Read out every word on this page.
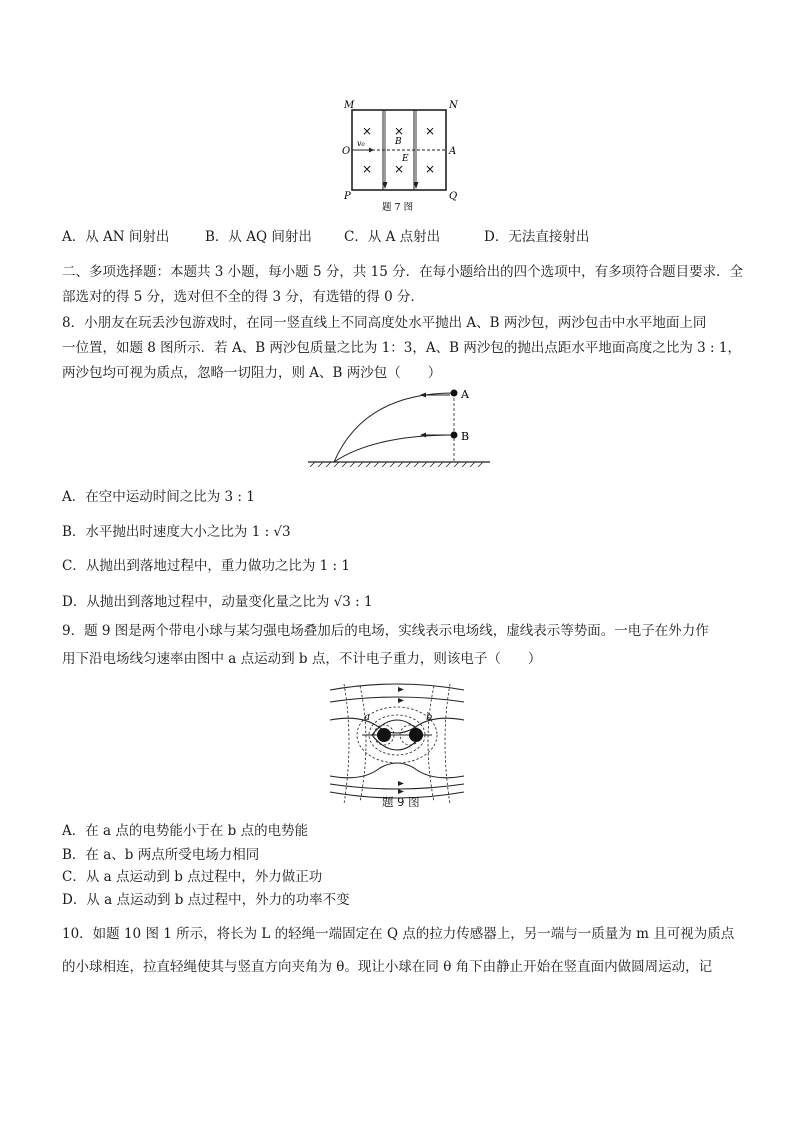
× × ×
× × ×
M	N
P	Q
O	A
v₀	B
E
题 7 图
A．从 AN 间射出	B．从 AQ 间射出 C．从 A 点射出	D．无法直接射出
二、多项选择题：本题共 3 小题，每小题 5 分，共 15 分．在每小题给出的四个选项中，有多项符合题目要求．全
部选对的得 5 分，选对但不全的得 3 分，有选错的得 0 分．
8．小朋友在玩丢沙包游戏时，在同一竖直线上不同高度处水平抛出 A、B 两沙包，两沙包击中水平地面上同
一位置，如题 8 图所示．若 A、B 两沙包质量之比为 1：3，A、B 两沙包的抛出点距水平地面高度之比为 3 : 1，
两沙包均可视为质点，忽略一切阻力，则 A、B 两沙包（　　）
A
B
A．在空中运动时间之比为 3 : 1
B．水平抛出时速度大小之比为 1 : √3
C．从抛出到落地过程中，重力做功之比为 1 : 1
D．从抛出到落地过程中，动量变化量之比为 √3 : 1
9．题 9 图是两个带电小球与某匀强电场叠加后的电场，实线表示电场线，虚线表示等势面。一电子在外力作
用下沿电场线匀速率由图中 a 点运动到 b 点，不计电子重力，则该电子（　　）
a	b
题 9 图
A．在 a 点的电势能小于在 b 点的电势能
B．在 a、b 两点所受电场力相同
C．从 a 点运动到 b 点过程中，外力做正功
D．从 a 点运动到 b 点过程中，外力的功率不变
10．如题 10 图 1 所示，将长为 L 的轻绳一端固定在 Q 点的拉力传感器上，另一端与一质量为 m 且可视为质点
的小球相连，拉直轻绳使其与竖直方向夹角为 θ。现让小球在同 θ 角下由静止开始在竖直面内做圆周运动，记
